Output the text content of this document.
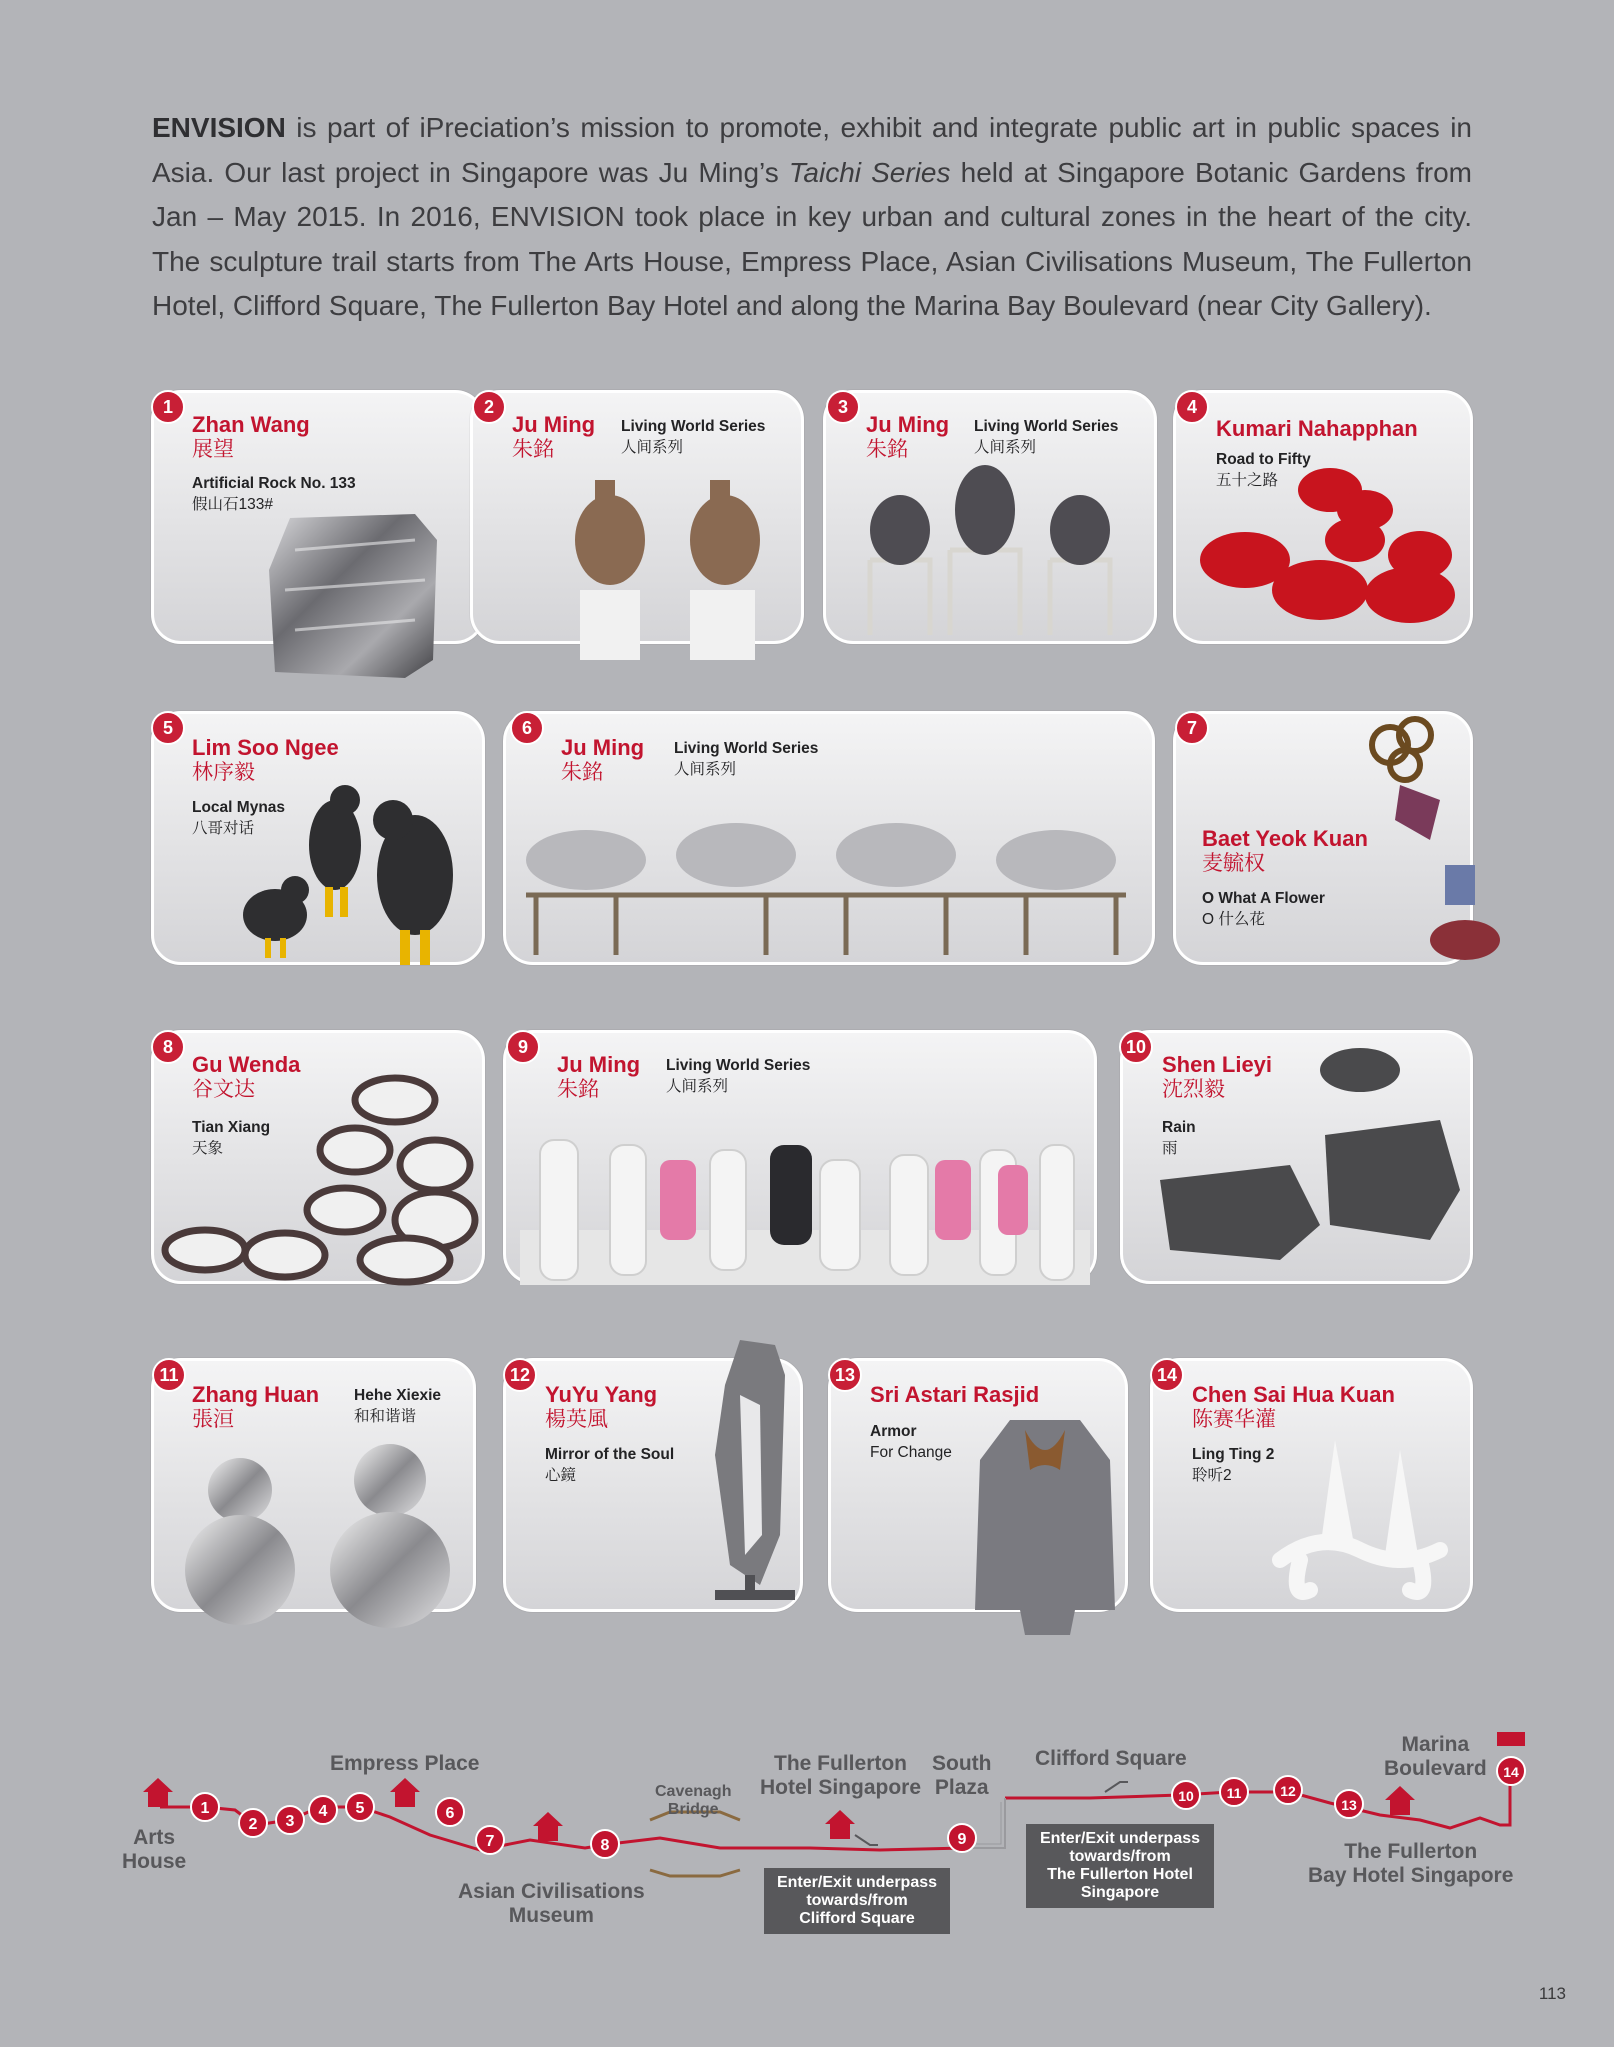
ENVISION is part of iPreciation’s mission to promote, exhibit and integrate public art in public spaces in Asia. Our last project in Singapore was Ju Ming’s Taichi Series held at Singapore Botanic Gardens from Jan – May 2015. In 2016, ENVISION took place in key urban and cultural zones in the heart of the city. The sculpture trail starts from The Arts House, Empress Place, Asian Civilisations Museum, The Fullerton Hotel, Clifford Square, The Fullerton Bay Hotel and along the Marina Bay Boulevard (near City Gallery).

1
Zhan Wang
展望
Artificial Rock No. 133
假山石133#
2
Ju Ming
朱銘
Living World Series
人间系列
3
Ju Ming
朱銘
Living World Series
人间系列
4
Kumari Nahapphan
Road to Fifty
五十之路
5
Lim Soo Ngee
林序毅
Local Mynas
八哥对话
6
Ju Ming
朱銘
Living World Series
人间系列
7
Baet Yeok Kuan
麦毓权
O What A Flower
O 什么花
8
Gu Wenda
谷文达
Tian Xiang
天象
9
Ju Ming
朱銘
Living World Series
人间系列
10
Shen Lieyi
沈烈毅
Rain
雨
11
Zhang Huan
張洹
Hehe Xiexie
和和谐谐
12
YuYu Yang
楊英風
Mirror of the Soul
心鏡
13
Sri Astari Rasjid
Armor
For Change
14
Chen Sai Hua Kuan
陈赛华灌
Ling Ting 2
聆听2
1
2 3
4 5	6
7	8	9
10 11	12
13
14
Arts
House
Empress Place
Asian Civilisations
Museum
Cavenagh
Bridge
The Fullerton
Hotel Singapore
South
Plaza
Clifford Square
Marina
Boulevard
The Fullerton
Bay Hotel Singapore
Enter/Exit underpass
towards/from
Clifford Square
Enter/Exit underpass
towards/from
The Fullerton Hotel
Singapore
113
